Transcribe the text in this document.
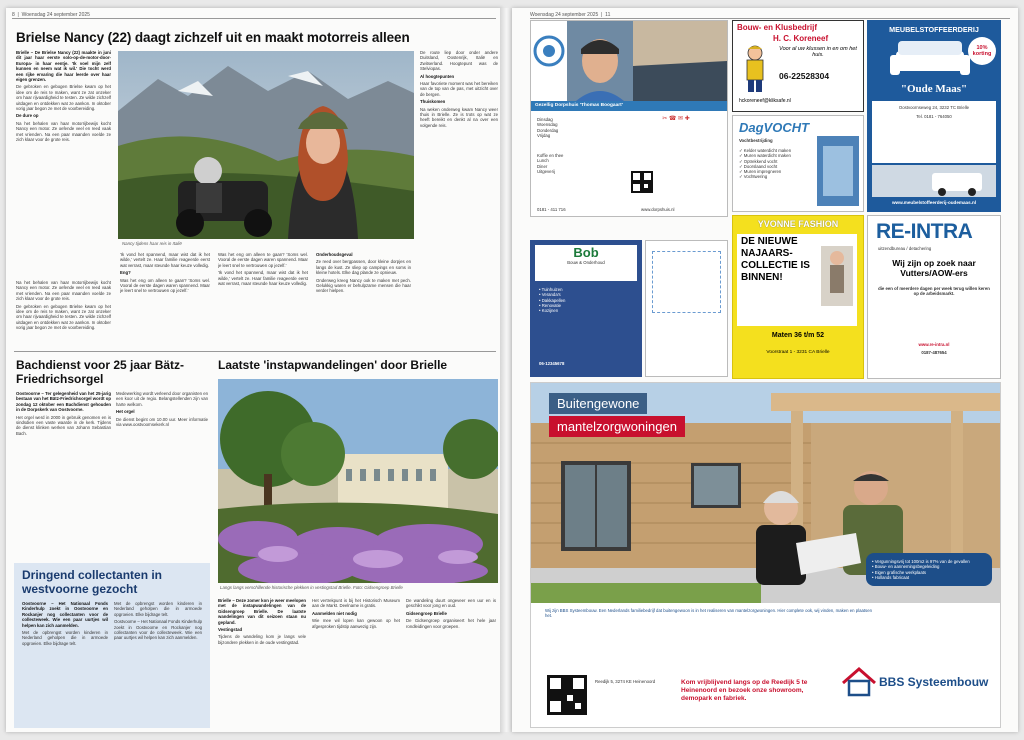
8  |  Woensdag 24 september 2025
Brielse Nancy (22) daagt zichzelf uit en maakt motorreis alleen

Brielle – De Brielse Nancy (22) maakte in juni dit jaar haar eerste solo-op-de-motor-door-Europa- in haar eentje. 'Ik voel mijn zelf kunnen en neem wat ik wil.' Die tocht werd een rijke ervaring die haar leerde over haar eigen grenzen.

De gebroken en gebogen Brielse kwam op het idee om de reis te maken, want ze zat onzeker om haar rijvaardigheid te testen. Ze wilde zichzelf uitdagen en ontdekken wat ze aankon. In oktober vorig jaar begon ze met de voorbereiding.

De dure op

Na het behalen van haar motorrijbewijs kocht Nancy een motor. Ze oefende veel en reed vaak met vrienden. Na een paar maanden voelde ze zich klaar voor de grote reis.

Nancy tijdens haar reis in Italië

De route liep door onder andere Duitsland, Oostenrijk, Italië en Zwitserland. Hoogtepunt was de Stelviopas.

Al hoogtepunten

Haar favoriete moment was het bereiken van de top van de pas, met uitzicht over de bergen.

Thuiskomen

Na weken onderweg kwam Nancy weer thuis in Brielle. Ze is trots op wat ze heeft bereikt en denkt al na over een volgende reis.

'Ik vond het spannend, maar wist dat ik het wilde,' vertelt ze. Haar familie reageerde eerst wat verrast, maar steunde haar keuze volledig.

Eng?

Was het eng om alleen te gaan? 'Soms wel. Vooral de eerste dagen waren spannend. Maar je leert snel te vertrouwen op jezelf.'

Was het eng om alleen te gaan? 'Soms wel. Vooral de eerste dagen waren spannend. Maar je leert snel te vertrouwen op jezelf.'

'Ik vond het spannend, maar wist dat ik het wilde,' vertelt ze. Haar familie reageerde eerst wat verrast, maar steunde haar keuze volledig.

Onderhoudsgeval

Ze reed over bergpassen, door kleine dorpjes en langs de kust. Ze sliep op campings en soms in kleine hotels. Elke dag plande ze opnieuw.

Onderweg kreeg Nancy ook te maken met pech. Gelukkig waren er behulpzame mensen die haar verder hielpen.

Na het behalen van haar motorrijbewijs kocht Nancy een motor. Ze oefende veel en reed vaak met vrienden. Na een paar maanden voelde ze zich klaar voor de grote reis.

De gebroken en gebogen Brielse kwam op het idee om de reis te maken, want ze zat onzeker om haar rijvaardigheid te testen. Ze wilde zichzelf uitdagen en ontdekken wat ze aankon. In oktober vorig jaar begon ze met de voorbereiding.

Bachdienst voor 25 jaar Bätz-Friedrichsorgel

Oostvoorne – Ter gelegenheid van het 25-jarig bestaan van het Bätz-Friedrichsorgel wordt op zondag 12 oktober een Bachdienst gehouden in de Dorpskerk van Oostvoorne.

Het orgel werd in 2000 in gebruik genomen en is sindsdien een vaste waarde in de kerk. Tijdens de dienst klinken werken van Johann Sebastian Bach.

Medewerking wordt verleend door organisten en een koor uit de regio. Belangstellenden zijn van harte welkom.

Het orgel

De dienst begint om 10.00 uur. Meer informatie via www.oostvoornsekerk.nl

Laatste 'instapwandelingen' door Brielle
Langs langs verschillende historische plekken in vestingstad Brielle. Foto: Gidsengroep Brielle

Brielle – Deze zomer kon je weer meelopen met de instapwandelingen van de Gidsengroep Brielle. De laatste wandelingen van dit seizoen staan nu gepland.

Vestingstad

Tijdens de wandeling kom je langs vele bijzondere plekken in de oude vestingstad.

Het vertrekpunt is bij het Historisch Museum aan de Markt. Deelname is gratis.

Aanmelden niet nodig

Wie mee wil lopen kan gewoon op het afgesproken tijdstip aanwezig zijn.

De wandeling duurt ongeveer een uur en is geschikt voor jong en oud.

Gidsengroep Brielle

De Gidsengroep organiseert het hele jaar rondleidingen voor groepen.

Dringend collectanten in westvoorne gezocht

Oostvoorne – Het Nationaal Fonds Kinderhulp zoekt in Oostvoorne en Rockanjer nog collectanten voor de collecteweek. Wie een paar uurtjes wil helpen kan zich aanmelden.

Met de opbrengst worden kinderen in Nederland geholpen die in armoede opgroeien. Elke bijdrage telt.

Met de opbrengst worden kinderen in Nederland geholpen die in armoede opgroeien. Elke bijdrage telt.

Oostvoorne – Het Nationaal Fonds Kinderhulp zoekt in Oostvoorne en Rockanjer nog collectanten voor de collecteweek. Wie een paar uurtjes wil helpen kan zich aanmelden.

Woensdag 24 september 2025  |  11
Gezellig Dorpshuis 'Thomas Boogaart'
Dinsdag
Woensdag
Donderdag
Vrijdag
Koffie en thee
Lunch
Diner
Uitgeverij
✂ ☎ ✉ ✚
0181 - 411 716	www.dorpshuis.nl
Bouw- en Klusbedrijf
H. C. Koreneef
Voor al uw klussen in en om het huis.
06-22528304
hckoreneef@kliksafe.nl
MEUBELSTOFFEERDERIJ
10% korting
"Oude Maas"
Oostvoornseweg 24, 3232 TC Brielle
Tel. 0181 - 764050
www.meubelstoffeerderij-oudemaas.nl
DagVOCHT
Vochtbestrijding
✓ Kelder waterdicht maken
✓ Muren waterdicht maken
✓ Optrekkend vocht
✓ Doorslaand vocht
✓ Muren impregneren
✓ Vochtwering
Bob
Bouw & Onderhoud
• Tuinhuizen
• Veranda's
• Dakkapellen
• Renovatie
• Kozijnen
06-12345678
YVONNE FASHION
DE NIEUWE NAJAARS-COLLECTIE IS BINNEN!
Maten 36 t/m 52
Voorstraat 1 - 3231 CA Brielle
RE-INTRA
uitzendbureau / detachering
Wij zijn op zoek naar Vutters/AOW-ers
die een of meerdere dagen per week terug willen keren op de arbeidsmarkt.
www.re-intra.nl
0187-487654
Buitengewone
mantelzorgwoningen
• Vergunningsvrij tot 100m2 is 97% van de gevallen
• Bouw- en aannemingsbegeleiding
• Eigen grafische werkplaats
• Hollands fabricaat
Wij zijn BBS Systeembouw. Een Nederlands familiebedrijf dat buitengewoon is in het realiseren van mantelzorgwoningen. Hier complete ook, wij vinden, maken en plaatsen het.
Reedijk 5, 3274 KE Heinenoord	Kom vrijblijvend langs op de Reedijk 5 te Heinenoord en bezoek onze showroom, demopark en fabriek.
BBS Systeembouw
